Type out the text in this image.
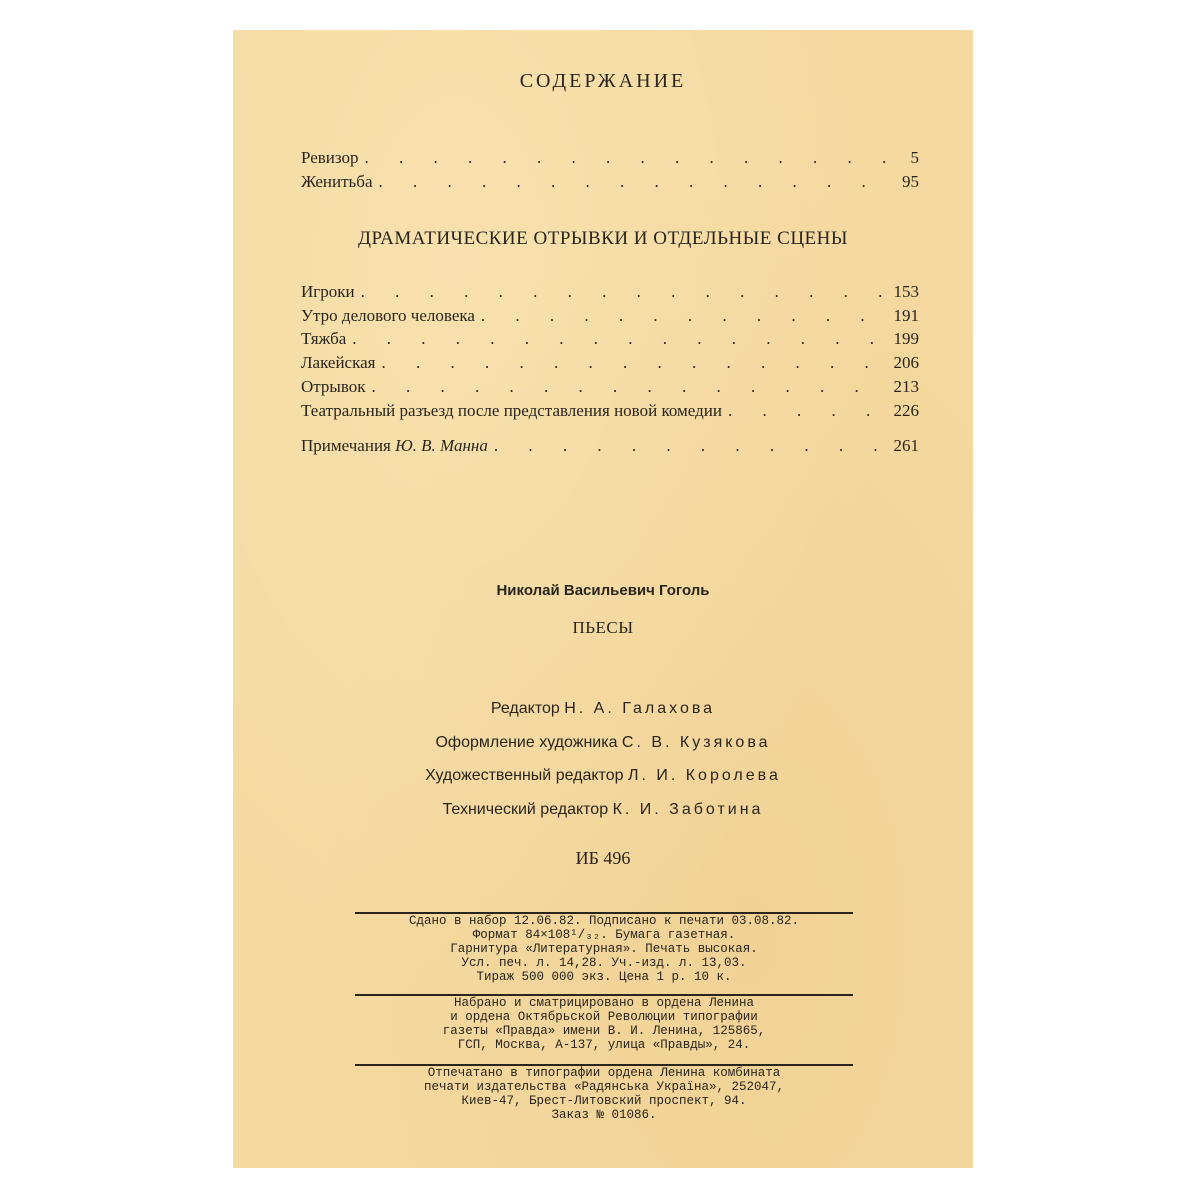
СОДЕРЖАНИЕ
Ревизор . . .	5
Женитьба . . .	95
ДРАМАТИЧЕСКИЕ ОТРЫВКИ И ОТДЕЛЬНЫЕ СЦЕНЫ
Игроки . . .	153
Утро делового человека . . .	191
Тяжба . . .	199
Лакейская . . .	206
Отрывок . . .	213
Театральный разъезд после представления новой комедии . . .	226
Примечания Ю. В. Манна . . .	261
Николай Васильевич Гоголь
ПЬЕСЫ
Редактор Н. А. Галахова
Оформление художника С. В. Кузякова
Художественный редактор Л. И. Королева
Технический редактор К. И. Заботина
ИБ 496
Сдано в набор 12.06.82. Подписано к печати 03.08.82.
Формат 84×108¹/₃₂. Бумага газетная.
Гарнитура «Литературная». Печать высокая.
Усл. печ. л. 14,28. Уч.-изд. л. 13,03.
Тираж 500 000 экз. Цена 1 р. 10 к.
Набрано и сматрицировано в ордена Ленина
и ордена Октябрьской Революции типографии
газеты «Правда» имени В. И. Ленина, 125865,
ГСП, Москва, А-137, улица «Правды», 24.
Отпечатано в типографии ордена Ленина комбината
печати издательства «Радянська Україна», 252047,
Киев-47, Брест-Литовский проспект, 94.
Заказ № 01086.
